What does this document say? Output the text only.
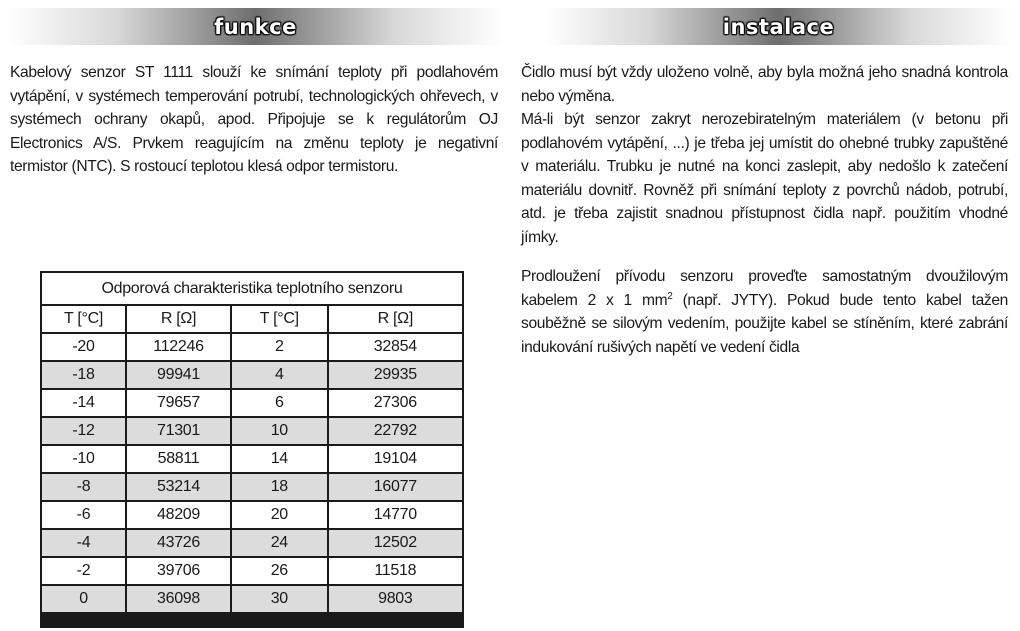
funkce	instalace

Kabelový senzor ST 1111 slouží ke snímání teploty při podlahovém vytápění, v systémech temperování potrubí, technologických ohřevech, v systémech ochrany okapů, apod. Připojuje se k regulátorům OJ Electronics A/S. Prvkem reagujícím na změnu teploty je negativní termistor (NTC). S rostoucí teplotou klesá odpor termistoru.

Čidlo musí být vždy uloženo volně, aby byla možná jeho snadná kontrola nebo výměna.
Má-li být senzor zakryt nerozebiratelným materiálem (v betonu při podlahovém vytápění, ...) je třeba jej umístit do ohebné trubky zapuštěné v materiálu. Trubku je nutné na konci zaslepit, aby nedošlo k zatečení materiálu dovnitř. Rovněž při snímání teploty z povrchů nádob, potrubí, atd. je třeba zajistit snadnou přístupnost čidla např. použitím vhodné jímky.

Prodloužení přívodu senzoru proveďte samostatným dvoužilovým kabelem 2 x 1 $mm^2$ (např. JYTY). Pokud bude tento kabel tažen souběžně se silovým vedením, použijte kabel se stíněním, které zabrání indukování rušivých napětí ve vedení čidla

Odporová charakteristika teplotního senzoru			
T [°C]	R [Ω]	T [°C]	R [Ω]
-20	112246	2	32854
-18	99941	4	29935
-14	79657	6	27306
-12	71301	10	22792
-10	58811	14	19104
-8	53214	18	16077
-6	48209	20	14770
-4	43726	24	12502
-2	39706	26	11518
0	36098	30	9803
